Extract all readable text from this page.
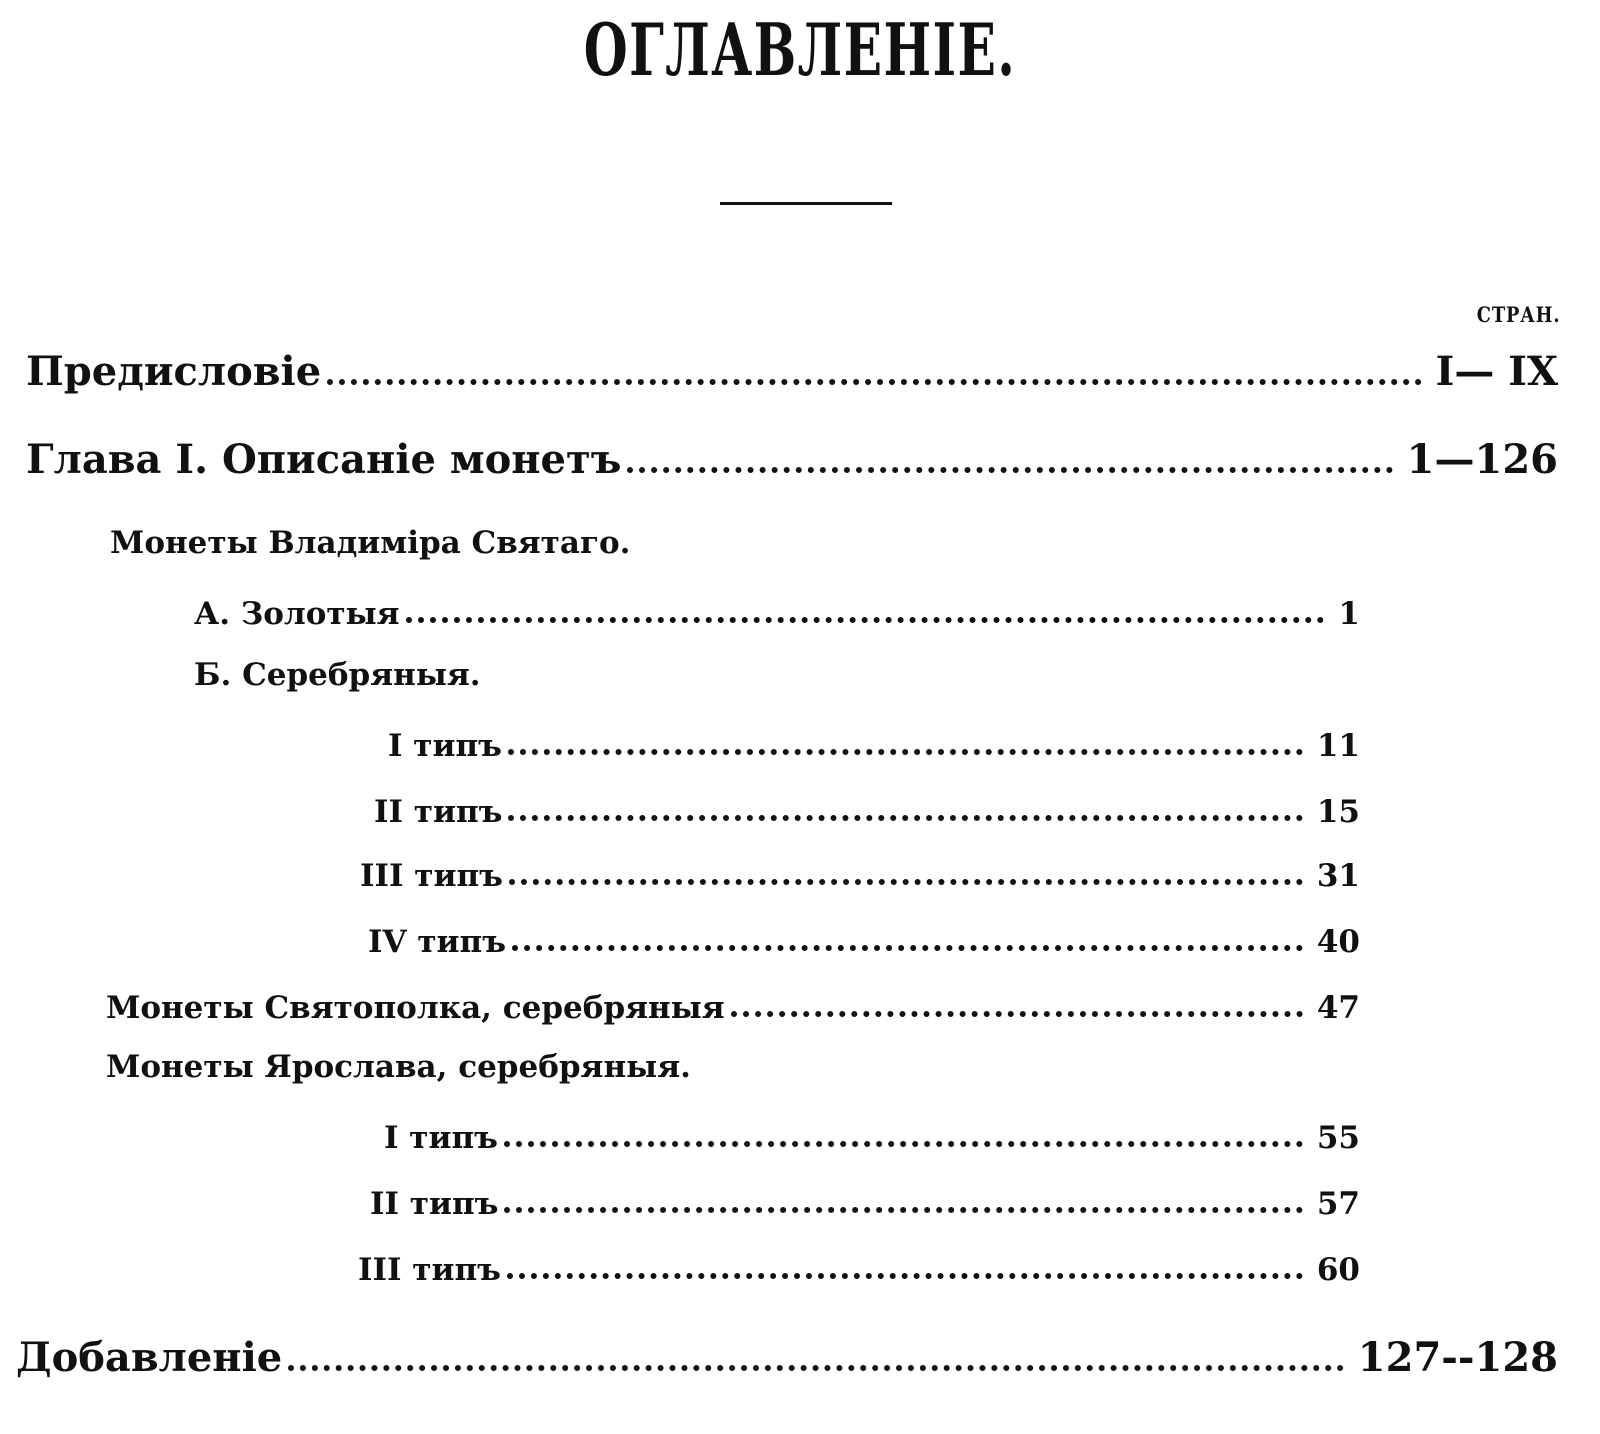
ОГЛАВЛЕНІЕ.
СТРАН.
Предисловіе	I— IX
Глава I. Описаніе монетъ	1—126
Монеты Владиміра Святаго.
А. Золотыя	1
Б. Серебряныя.
I типъ	11
II типъ	15
III типъ	31
IV типъ	40
Монеты Святополка, серебряныя	47
Монеты Ярослава, серебряныя.
I типъ	55
II типъ	57
III типъ	60
Добавленіе	127--128
